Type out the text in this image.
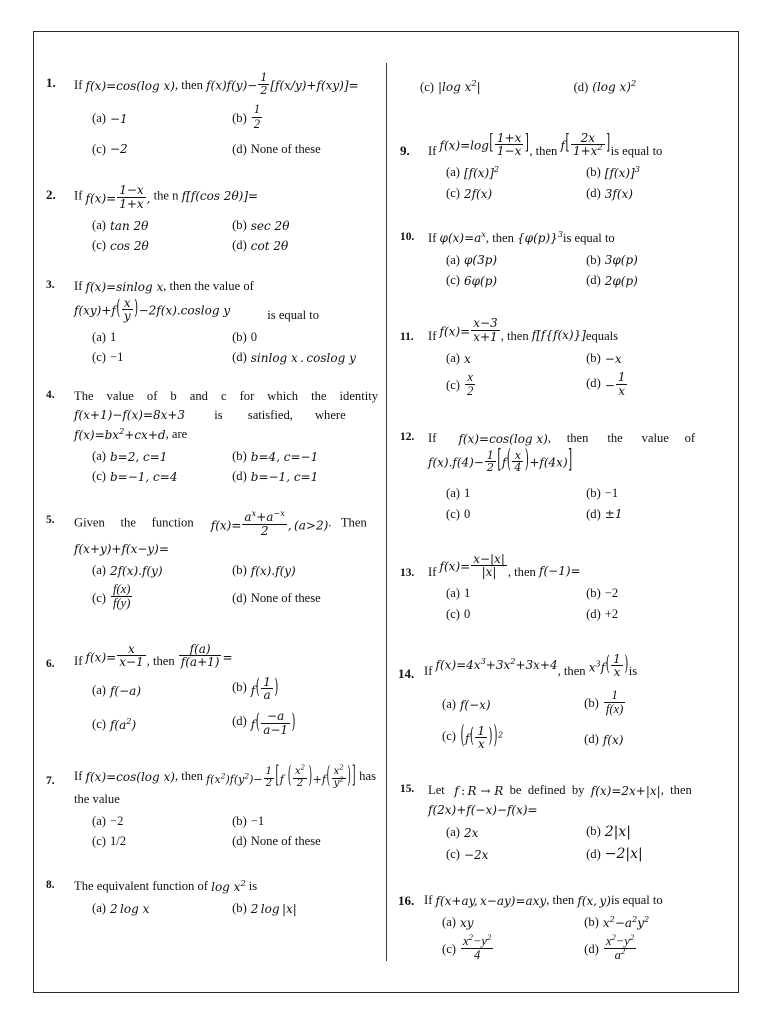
1. If f(x)=cos(log x), then $f(x)f(y)- \frac{1}{2} [f(x/y)+f(xy)]=$
(a) −1	$(b) \frac{1}{2}$

(c) −2	(d) None of these
2. If $f(x)= \frac{1-x}{1+x}$ , the n f[f(cos 2θ)]=
(a) tan 2θ	(b) sec 2θ
(c) cos 2θ	(d) cot 2θ
3. If f(x)=sinlog x, then the value of
$f(xy)+f( \frac{x}{y} )-2f(x).coslog$ y	is equal to
(a) 1	(b) 0
(c) −1	(d) sinlog x . coslog y
4. The value of b and c for which the identity
f(x+1)−f(x)=8x+3 is        satisfied,       where
$f(x)=bx^2+cx+d$, are
(a) b=2, c=1	(b) b=4, c=−1
(c) b=−1, c=4	(d) b=−1, c=1
5. Given     the     function $f(x)= \frac{a^x+a^{-x}}{2}$ , (a>2).   Then
f(x+y)+f(x−y)=
(a) 2f(x).f(y)	(b) f(x).f(y)
$(c) \frac{f(x)}{f(y)}$	(d) None of these
6. If $f(x)= \frac{x}{x-1}$ , then $\frac{f(a)}{f(a+1)}$ =
(a) f(−a)	(b) $f( \frac{1}{a}$ )
(c) $f(a^2)$	(d) $f( \frac{-a}{a-1}$ )
7. If f(x)=cos(log x), then $f(x^2)f(y^2)- \frac{1}{2} [f$ ( $\frac{x^2}{2} )+f( \frac{x^2}{y^2}$ )] has
the value
(a) −2	(b) −1
(c) 1/2	(d) None of these
8. The equivalent function of $\log x^2$ is
(a) 2 log x	(b) 2 log |x|
(c) |log $x^2|$	(d) (log x)$^2$
9. If $f(x)=\log[ \frac{1+x}{1-x}$ ], then $f[ \frac{2x}{1+x^2} ]is$ equal to
(a) $[f(x)]^2$	(b) $[f(x)]^3$
(c) 2f(x)	(d) 3f(x)
10. If $\varphi(x)=a^x$, then $\{\varphi(p)\}^3is$ equal to
(a) φ(3p)	(b) 3φ(p)
(c) 6φ(p)	(d) 2φ(p)
11. If $f(x)= \frac{x-3}{x+1}$ , then f[f{f(x)}]equals
(a) x	(b) −x
$(c) \frac{x}{2}$	$(d) - \frac{1}{x}$
12. If       f(x)=cos(log x),     then      the      value     of
$f(x).f(4)- \frac{1}{2} [f( \frac{x}{4} )+f(4x)]$
(a) 1	(b) −1
(c) 0	(d) ±1
13. If $f(x)= \frac{x-|x|}{|x|}$ , then f(−1)=
(a) 1	(b) −2
(c) 0	(d) +2
14. If $f(x)=4x^3+3x^2+3x+4$, then $x^3f( \frac{1}{x} )is$
(a) f(−x)	$(b) \frac{1}{f(x)}$

(c) $(f( \frac{1}{x} ))^2$	(d) f(x)
15. Let   f : R → R  be  defined  by  f(x)=2x+|x|,  then
f(2x)+f(−x)−f(x)=
(a) 2x	(b) 2|x|
(c) −2x	(d) −2|x|
16. If f(x+ay, x−ay)=axy, then f(x, y)is equal to
(a) xy	(b) $x^2-a^2y^2$
$(c) \frac{x^2-y^2}{4}$	$(d) \frac{x^2-y^2}{a^2}$
